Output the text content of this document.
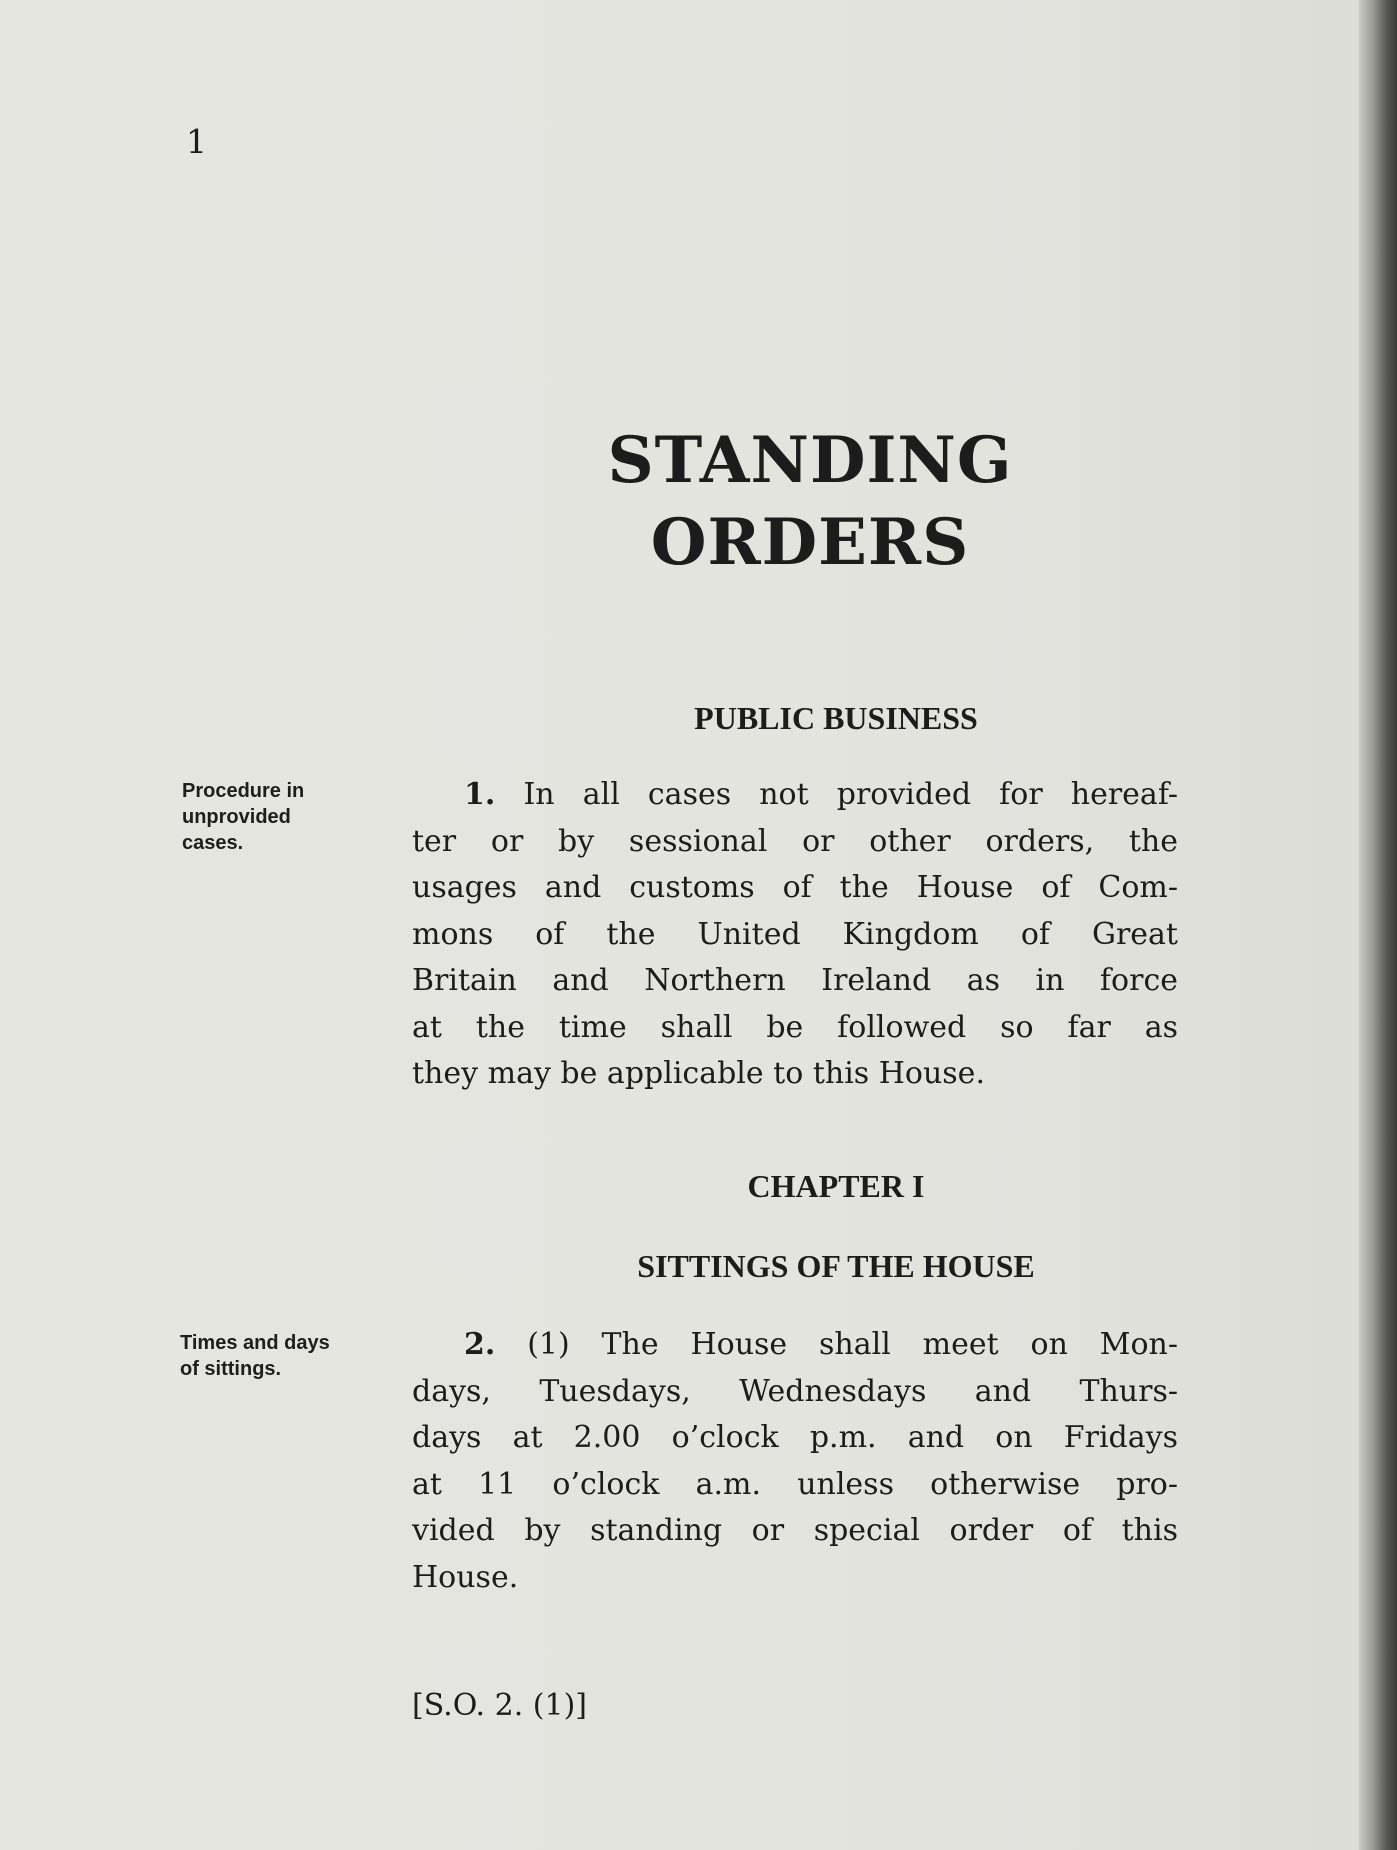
1
STANDING
ORDERS
PUBLIC BUSINESS
Procedure in
unprovided
cases.
1. In all cases not provided for hereaf-
ter or by sessional or other orders, the
usages and customs of the House of Com-
mons of the United Kingdom of Great
Britain and Northern Ireland as in force
at the time shall be followed so far as
they may be applicable to this House.
CHAPTER I
SITTINGS OF THE HOUSE
Times and days
of sittings.
2. (1) The House shall meet on Mon-
days, Tuesdays, Wednesdays and Thurs-
days at 2.00 o’clock p.m. and on Fridays
at 11 o’clock a.m. unless otherwise pro-
vided by standing or special order of this
House.
[S.O. 2. (1)]
